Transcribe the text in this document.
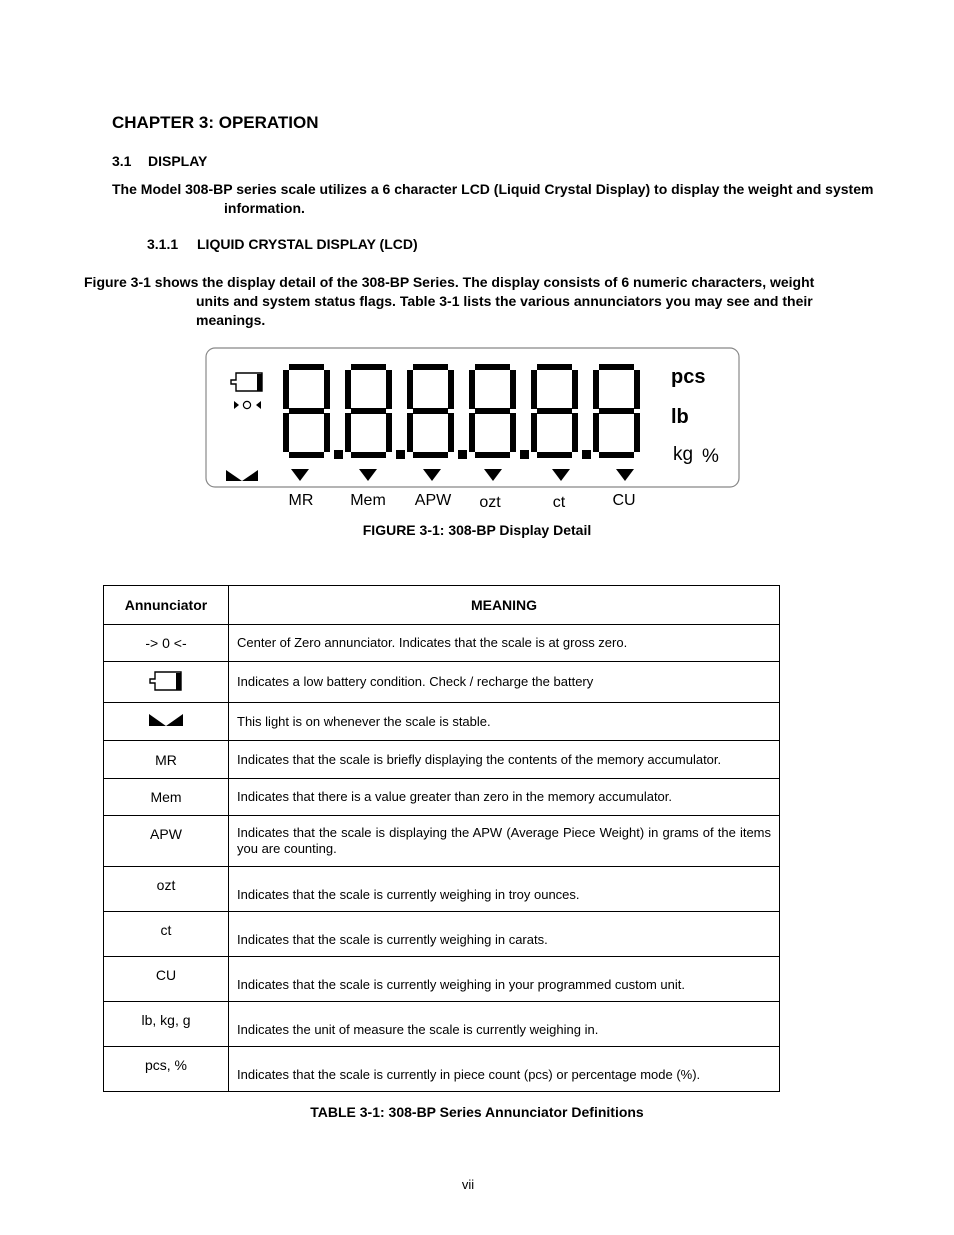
CHAPTER 3: OPERATION
3.1 DISPLAY
The Model 308-BP series scale utilizes a 6 character LCD (Liquid Crystal Display) to display the weight and system information.
3.1.1 LIQUID CRYSTAL DISPLAY (LCD)
Figure 3-1 shows the display detail of the 308-BP Series. The display consists of 6 numeric characters, weight units and system status flags. Table 3-1 lists the various annunciators you may see and their meanings.
pcs
lb
kg %
MR Mem APW ozt	ct	CU
FIGURE 3-1: 308-BP Display Detail
Annunciator	MEANING
-> 0 <-	Center of Zero annunciator. Indicates that the scale is at gross zero.
	Indicates a low battery condition. Check / recharge the battery
	This light is on whenever the scale is stable.
MR	Indicates that the scale is briefly displaying the contents of the memory accumulator.
Mem	Indicates that there is a value greater than zero in the memory accumulator.
APW	Indicates that the scale is displaying the APW (Average Piece Weight) in grams of the items you are counting.
ozt	Indicates that the scale is currently weighing in troy ounces.
ct	Indicates that the scale is currently weighing in carats.
CU	Indicates that the scale is currently weighing in your programmed custom unit.
lb, kg, g	Indicates the unit of measure the scale is currently weighing in.
pcs, %	Indicates that the scale is currently in piece count (pcs) or percentage mode (%).
TABLE 3-1: 308-BP Series Annunciator Definitions
vii
